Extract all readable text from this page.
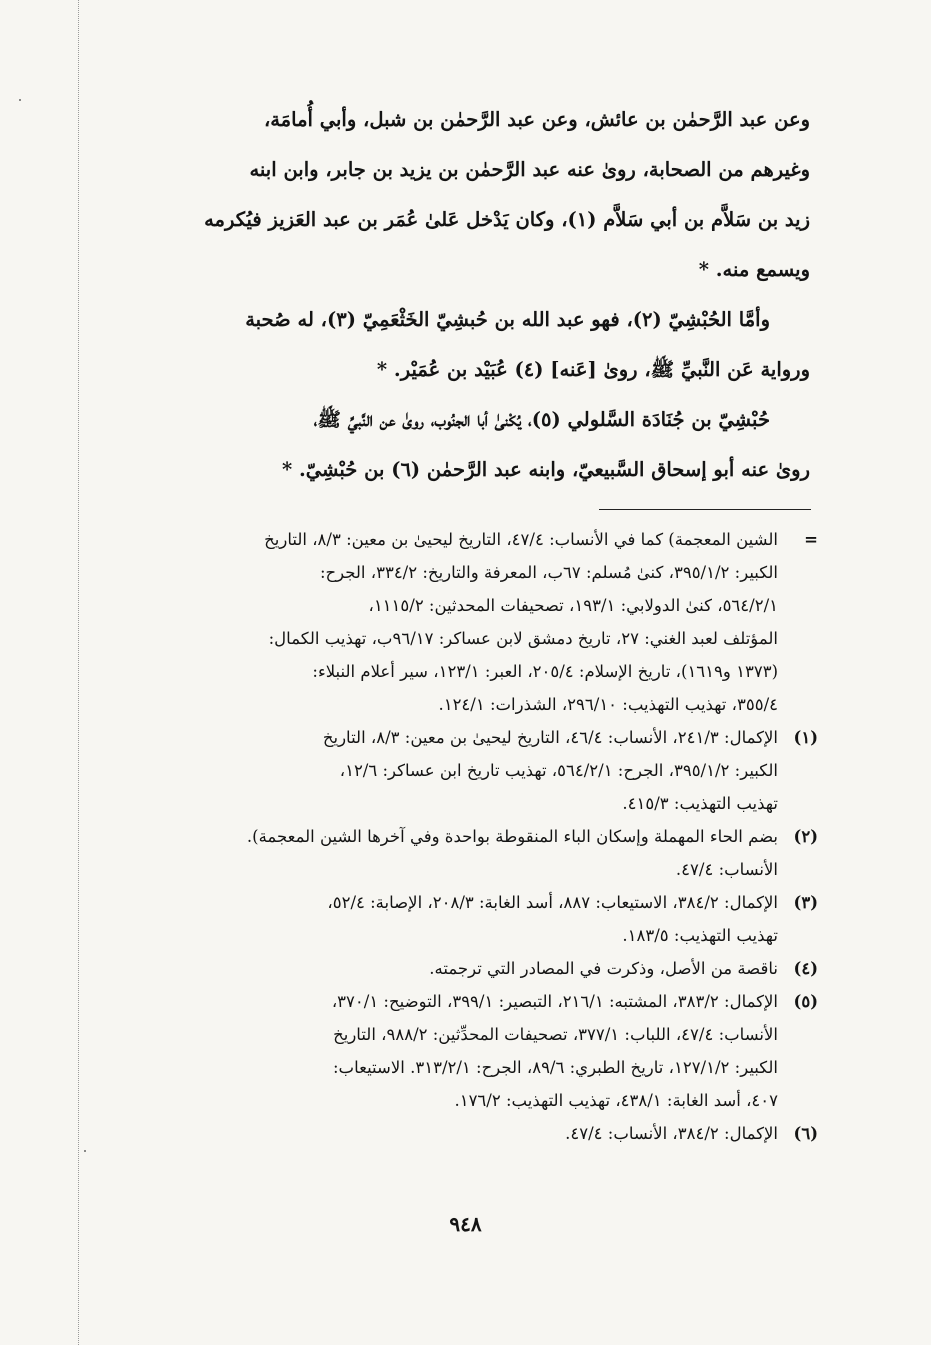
وعن عبد الرَّحمٰن بن عائش، وعن عبد الرَّحمٰن بن شبل، وأبي أُمامَة،
وغيرهم من الصحابة، روىٰ عنه عبد الرَّحمٰن بن يزيد بن جابر، وابن ابنه
زيد بن سَلاَّم بن أبي سَلاَّم (١)، وكان يَدْخل عَلىٰ عُمَر بن عبد العَزيز فيُكرمه
ويسمع منه. *
وأمَّا الحُبْشِيّ (٢)، فهو عبد الله بن حُبشِيّ الخَثْعَمِيّ (٣)، له صُحبة
ورواية عَن النَّبيِّ ﷺ، روىٰ [عَنه] (٤) عُبَيْد بن عُمَيْر. *
حُبْشِيّ بن جُنَادَة السَّلولي (٥)، يُكْنىٰ أبا الجنُوب، روىٰ عن النَّبيِّ ﷺ،
روىٰ عنه أبو إسحاق السَّبيعيّ، وابنه عبد الرَّحمٰن (٦) بن حُبْشِيّ. *
=
الشين المعجمة) كما في الأنساب: ٤٧/٤، التاريخ ليحيىٰ بن معين: ٨/٣، التاريخ
الكبير: ٣٩٥/١/٢، كنىٰ مُسلم: ٦٧ب، المعرفة والتاريخ: ٣٣٤/٢، الجرح:
٥٦٤/٢/١، كنىٰ الدولابي: ١٩٣/١، تصحيفات المحدثين: ١١١٥/٢،
المؤتلف لعبد الغني: ٢٧، تاريخ دمشق لابن عساكر: ٩٦/١٧ب، تهذيب الكمال:
(١٣٧٣ و١٦١٩)، تاريخ الإسلام: ٢٠٥/٤، العبر: ١٢٣/١، سير أعلام النبلاء:
٣٥٥/٤، تهذيب التهذيب: ٢٩٦/١٠، الشذرات: ١٢٤/١.
(١)
الإكمال: ٢٤١/٣، الأنساب: ٤٦/٤، التاريخ ليحيىٰ بن معين: ٨/٣، التاريخ
الكبير: ٣٩٥/١/٢، الجرح: ٥٦٤/٢/١، تهذيب تاريخ ابن عساكر: ١٢/٦،
تهذيب التهذيب: ٤١٥/٣.
(٢)
بضم الحاء المهملة وإسكان الباء المنقوطة بواحدة وفي آخرها الشين المعجمة).
الأنساب: ٤٧/٤.
(٣)
الإكمال: ٣٨٤/٢، الاستيعاب: ٨٨٧، أسد الغابة: ٢٠٨/٣، الإصابة: ٥٢/٤،
تهذيب التهذيب: ١٨٣/٥.
(٤)
ناقصة من الأصل، وذكرت في المصادر التي ترجمته.
(٥)
الإكمال: ٣٨٣/٢، المشتبه: ٢١٦/١، التبصير: ٣٩٩/١، التوضيح: ٣٧٠/١،
الأنساب: ٤٧/٤، اللباب: ٣٧٧/١، تصحيفات المحدِّثين: ٩٨٨/٢، التاريخ
الكبير: ١٢٧/١/٢، تاريخ الطبري: ٨٩/٦، الجرح: ٣١٣/٢/١. الاستيعاب:
٤٠٧، أسد الغابة: ٤٣٨/١، تهذيب التهذيب: ١٧٦/٢.
(٦)
الإكمال: ٣٨٤/٢، الأنساب: ٤٧/٤.
٩٤٨
